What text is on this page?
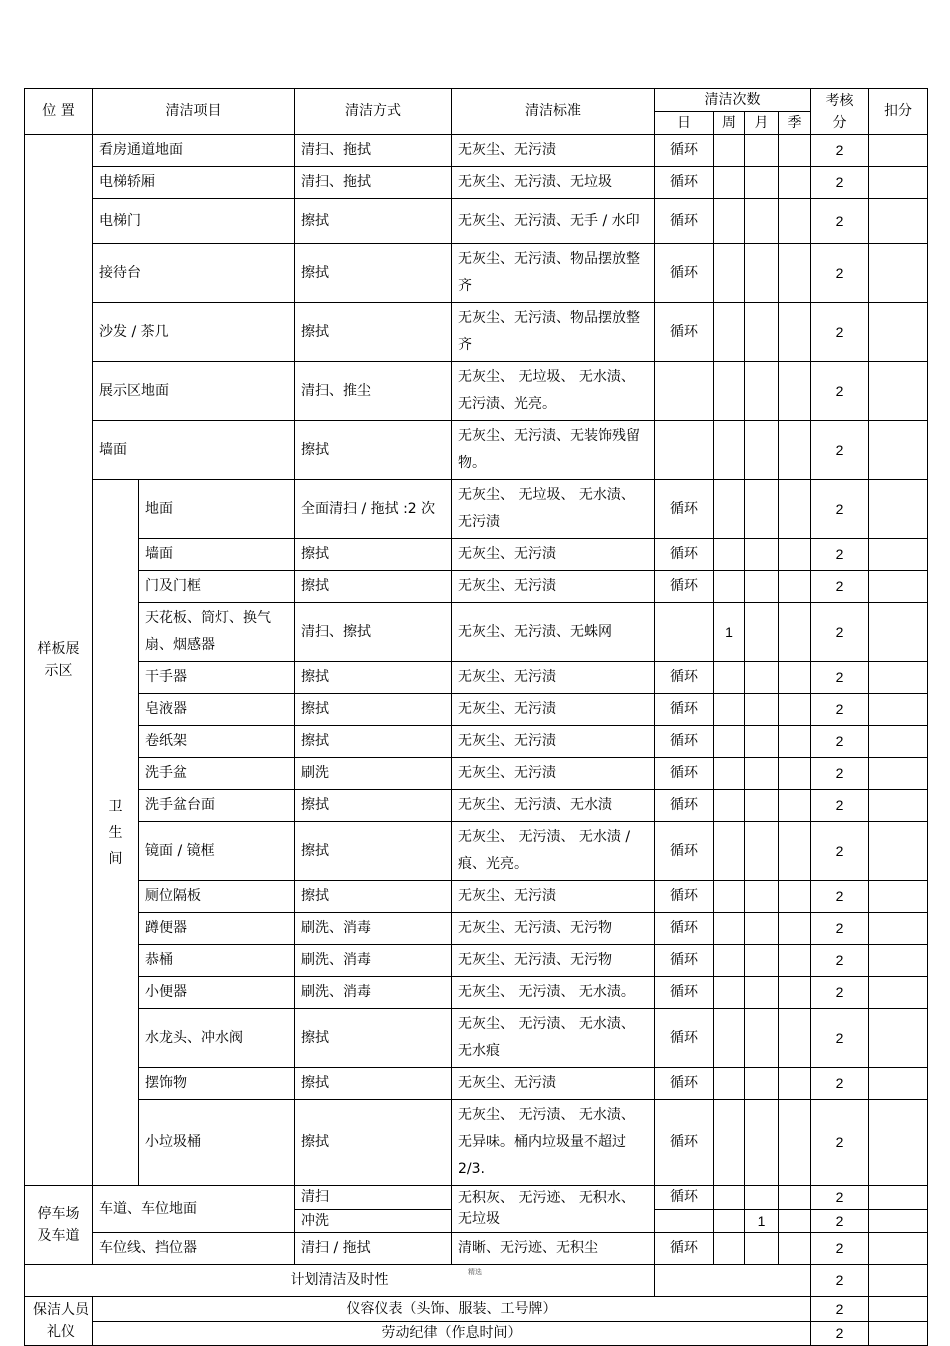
位 置	清洁项目		清洁方式	清洁标准	清洁次数				考核分	扣分
					日	周	月	季		

样板展示区	看房通道地面		清扫、拖拭	无灰尘、无污渍	循环				2	
	电梯轿厢		清扫、拖拭	无灰尘、无污渍、无垃圾	循环				2	
	电梯门		擦拭	无灰尘、无污渍、无手 / 水印	循环				2	
	接待台		擦拭	无灰尘、无污渍、物品摆放整齐	循环				2	
	沙发 / 茶几		擦拭	无灰尘、无污渍、物品摆放整齐	循环				2	
	展示区地面		清扫、推尘	无灰尘、 无垃圾、 无水渍、无污渍、光亮。					2	
	墙面		擦拭	无灰尘、无污渍、无装饰残留物。					2	

	卫生间	地面	全面清扫 / 拖拭 :2 次	无灰尘、 无垃圾、 无水渍、无污渍	循环				2	
		墙面	擦拭	无灰尘、无污渍	循环				2	
		门及门框	擦拭	无灰尘、无污渍	循环				2	
		天花板、筒灯、换气扇、烟感器	清扫、擦拭	无灰尘、无污渍、无蛛网		1			2	
		干手器	擦拭	无灰尘、无污渍	循环				2	
		皂液器	擦拭	无灰尘、无污渍	循环				2	
		卷纸架	擦拭	无灰尘、无污渍	循环				2	
		洗手盆	刷洗	无灰尘、无污渍	循环				2	
		洗手盆台面	擦拭	无灰尘、无污渍、无水渍	循环				2	
		镜面 / 镜框	擦拭	无灰尘、 无污渍、 无水渍 / 痕、光亮。	循环				2	
		厕位隔板	擦拭	无灰尘、无污渍	循环				2	
		蹲便器	刷洗、消毒	无灰尘、无污渍、无污物	循环				2	
		恭桶	刷洗、消毒	无灰尘、无污渍、无污物	循环				2	
		小便器	刷洗、消毒	无灰尘、 无污渍、 无水渍。	循环				2	
		水龙头、冲水阀	擦拭	无灰尘、 无污渍、 无水渍、无水痕	循环				2	
		摆饰物	擦拭	无灰尘、无污渍	循环				2	
		小垃圾桶	擦拭	无灰尘、 无污渍、 无水渍、无异味。桶内垃圾量不超过 2/3.	循环				2	

停车场及车道	车道、车位地面		清扫	无积灰、 无污迹、 无积水、无垃圾	循环				2	
			冲洗				1		2	
	车位线、挡位器		清扫 / 拖拭	清晰、无污迹、无积尘	循环				2	
计划清洁及时性									2	

保洁人员礼仪	仪容仪表（头饰、服装、工号牌）								2	
	劳动纪律（作息时间）								2	
精选
